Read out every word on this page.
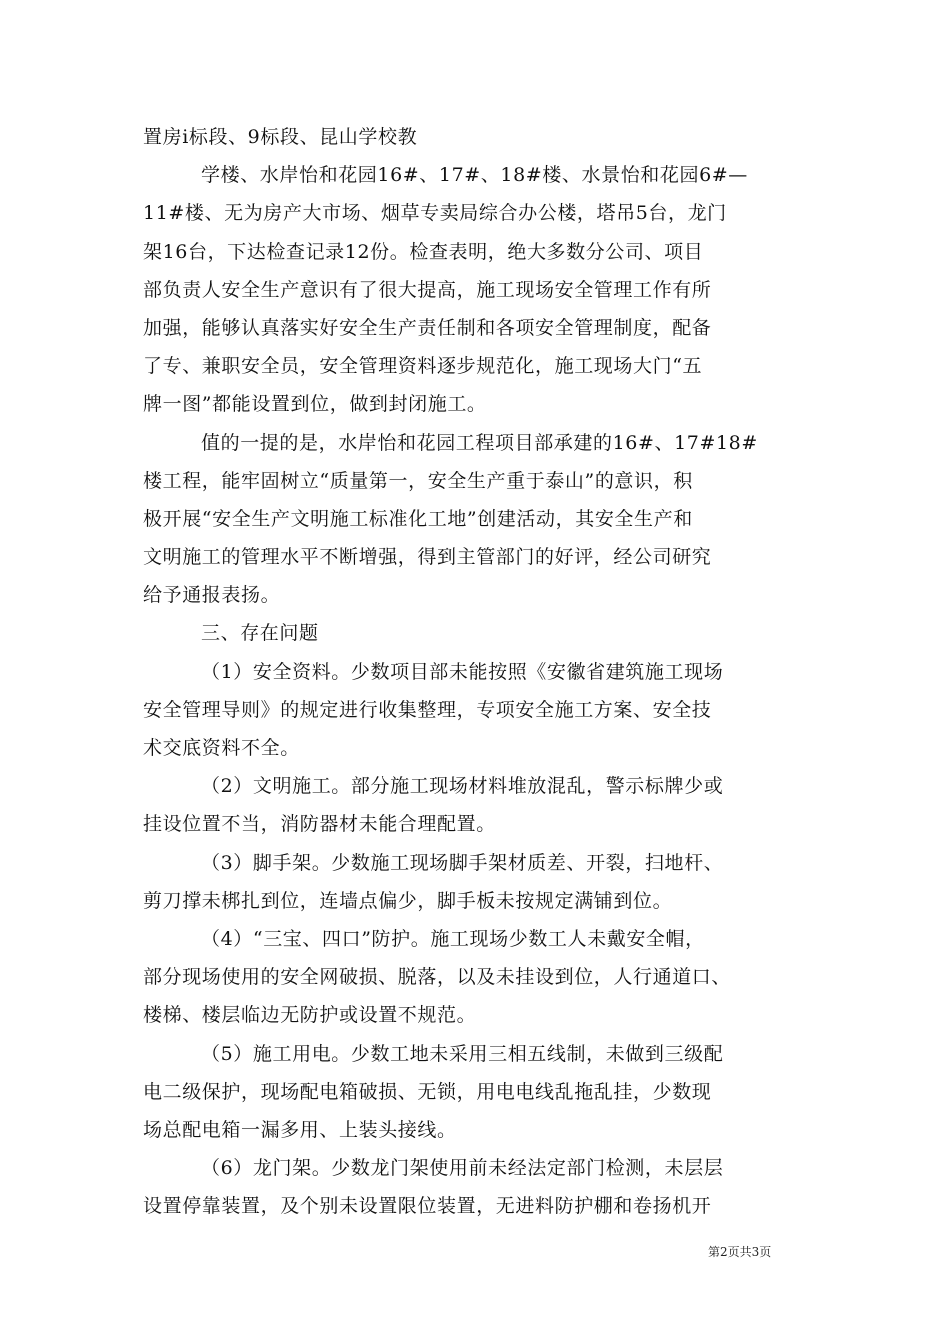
置房ⅰ标段、9标段、昆山学校教
学楼、水岸怡和花园16#、17#、18#楼、水景怡和花园6#—
11#楼、无为房产大市场、烟草专卖局综合办公楼，塔吊5台，龙门
架16台，下达检查记录12份。检查表明，绝大多数分公司、项目
部负责人安全生产意识有了很大提高，施工现场安全管理工作有所
加强，能够认真落实好安全生产责任制和各项安全管理制度，配备
了专、兼职安全员，安全管理资料逐步规范化，施工现场大门“五
牌一图”都能设置到位，做到封闭施工。
值的一提的是，水岸怡和花园工程项目部承建的16#、17#18#
楼工程，能牢固树立“质量第一，安全生产重于泰山”的意识，积
极开展“安全生产文明施工标准化工地”创建活动，其安全生产和
文明施工的管理水平不断增强，得到主管部门的好评，经公司研究
给予通报表扬。
三、存在问题
（1）安全资料。少数项目部未能按照《安徽省建筑施工现场
安全管理导则》的规定进行收集整理，专项安全施工方案、安全技
术交底资料不全。
（2）文明施工。部分施工现场材料堆放混乱，警示标牌少或
挂设位置不当，消防器材未能合理配置。
（3）脚手架。少数施工现场脚手架材质差、开裂，扫地杆、
剪刀撑未梆扎到位，连墙点偏少，脚手板未按规定满铺到位。
（4）“三宝、四口”防护。施工现场少数工人未戴安全帽，
部分现场使用的安全网破损、脱落，以及未挂设到位，人行通道口、
楼梯、楼层临边无防护或设置不规范。
（5）施工用电。少数工地未采用三相五线制，未做到三级配
电二级保护，现场配电箱破损、无锁，用电电线乱拖乱挂，少数现
场总配电箱一漏多用、上装头接线。
（6）龙门架。少数龙门架使用前未经法定部门检测，未层层
设置停靠装置，及个别未设置限位装置，无进料防护棚和卷扬机开
第2页共3页
